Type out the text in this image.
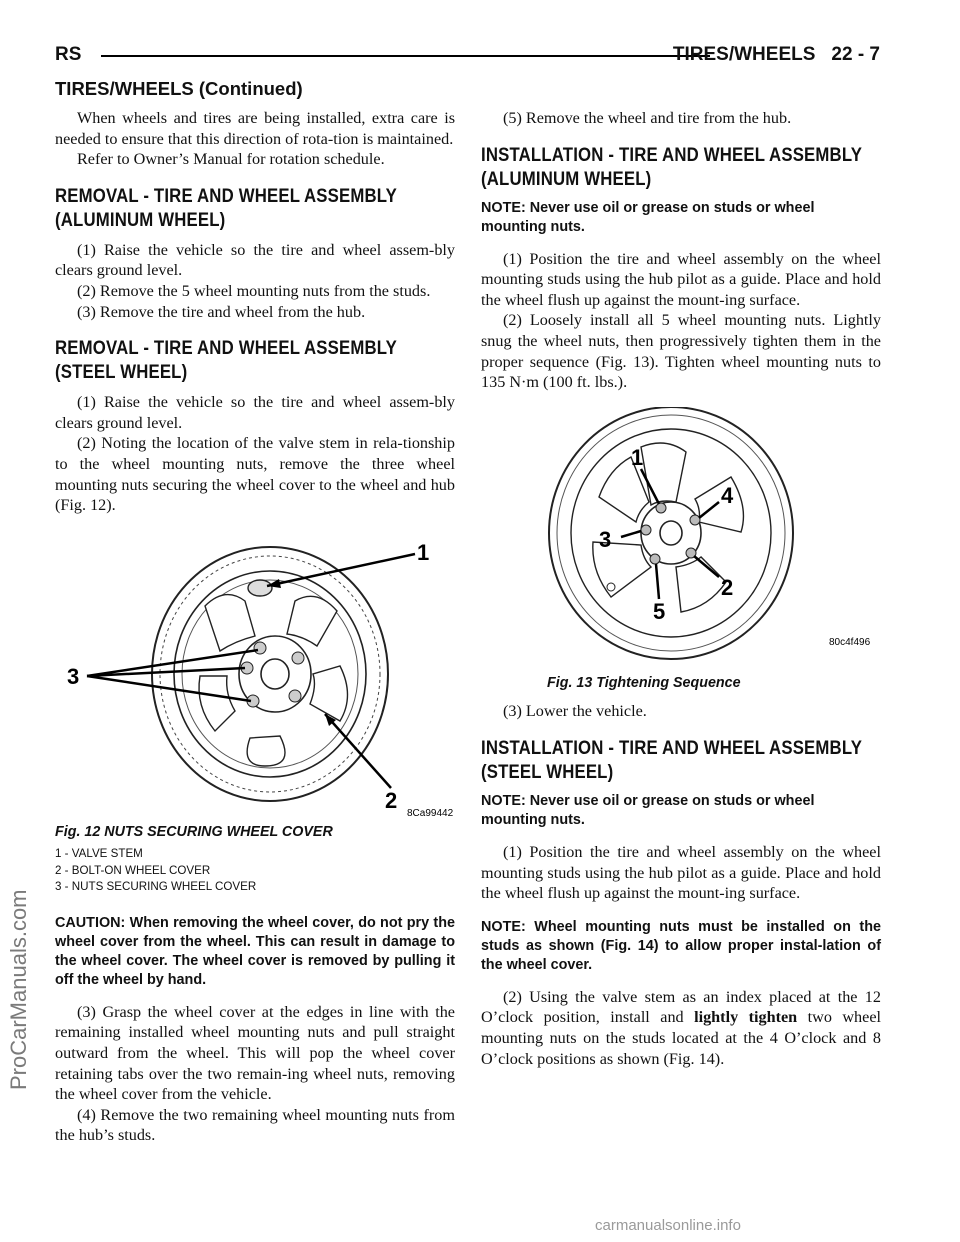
RS	TIRES/WHEELS 22 - 7
TIRES/WHEELS (Continued)

When wheels and tires are being installed, extra care is needed to ensure that this direction of rota-tion is maintained.

Refer to Owner’s Manual for rotation schedule.

REMOVAL - TIRE AND WHEEL ASSEMBLY
(ALUMINUM WHEEL)

(1) Raise the vehicle so the tire and wheel assem-bly clears ground level.

(2) Remove the 5 wheel mounting nuts from the studs.

(3) Remove the tire and wheel from the hub.

REMOVAL - TIRE AND WHEEL ASSEMBLY
(STEEL WHEEL)

(1) Raise the vehicle so the tire and wheel assem-bly clears ground level.

(2) Noting the location of the valve stem in rela-tionship to the wheel mounting nuts, remove the three wheel mounting nuts securing the wheel cover to the wheel and hub (Fig. 12).

1
3
2
8Ca99442
Fig. 12 NUTS SECURING WHEEL COVER
1 - VALVE STEM
2 - BOLT-ON WHEEL COVER
3 - NUTS SECURING WHEEL COVER

CAUTION: When removing the wheel cover, do not pry the wheel cover from the wheel. This can result in damage to the wheel cover. The wheel cover is removed by pulling it off the wheel by hand.

(3) Grasp the wheel cover at the edges in line with the remaining installed wheel mounting nuts and pull straight outward from the wheel. This will pop the wheel cover retaining tabs over the two remain-ing wheel nuts, removing the wheel cover from the vehicle.

(4) Remove the two remaining wheel mounting nuts from the hub’s studs.

(5) Remove the wheel and tire from the hub.

INSTALLATION - TIRE AND WHEEL ASSEMBLY
(ALUMINUM WHEEL)

NOTE: Never use oil or grease on studs or wheel mounting nuts.

(1) Position the tire and wheel assembly on the wheel mounting studs using the hub pilot as a guide. Place and hold the wheel flush up against the mount-ing surface.

(2) Loosely install all 5 wheel mounting nuts. Lightly snug the wheel nuts, then progressively tighten them in the proper sequence (Fig. 13). Tighten wheel mounting nuts to 135 N·m (100 ft. lbs.).

1
4
3
2
5
80c4f496
Fig. 13 Tightening Sequence

(3) Lower the vehicle.

INSTALLATION - TIRE AND WHEEL ASSEMBLY
(STEEL WHEEL)

NOTE: Never use oil or grease on studs or wheel mounting nuts.

(1) Position the tire and wheel assembly on the wheel mounting studs using the hub pilot as a guide. Place and hold the wheel flush up against the mount-ing surface.

NOTE: Wheel mounting nuts must be installed on the studs as shown (Fig. 14) to allow proper instal-lation of the wheel cover.

(2) Using the valve stem as an index placed at the 12 O’clock position, install and lightly tighten two wheel mounting nuts on the studs located at the 4 O’clock and 8 O’clock positions as shown (Fig. 14).

ProCarManuals.com
carmanualsonline.info
